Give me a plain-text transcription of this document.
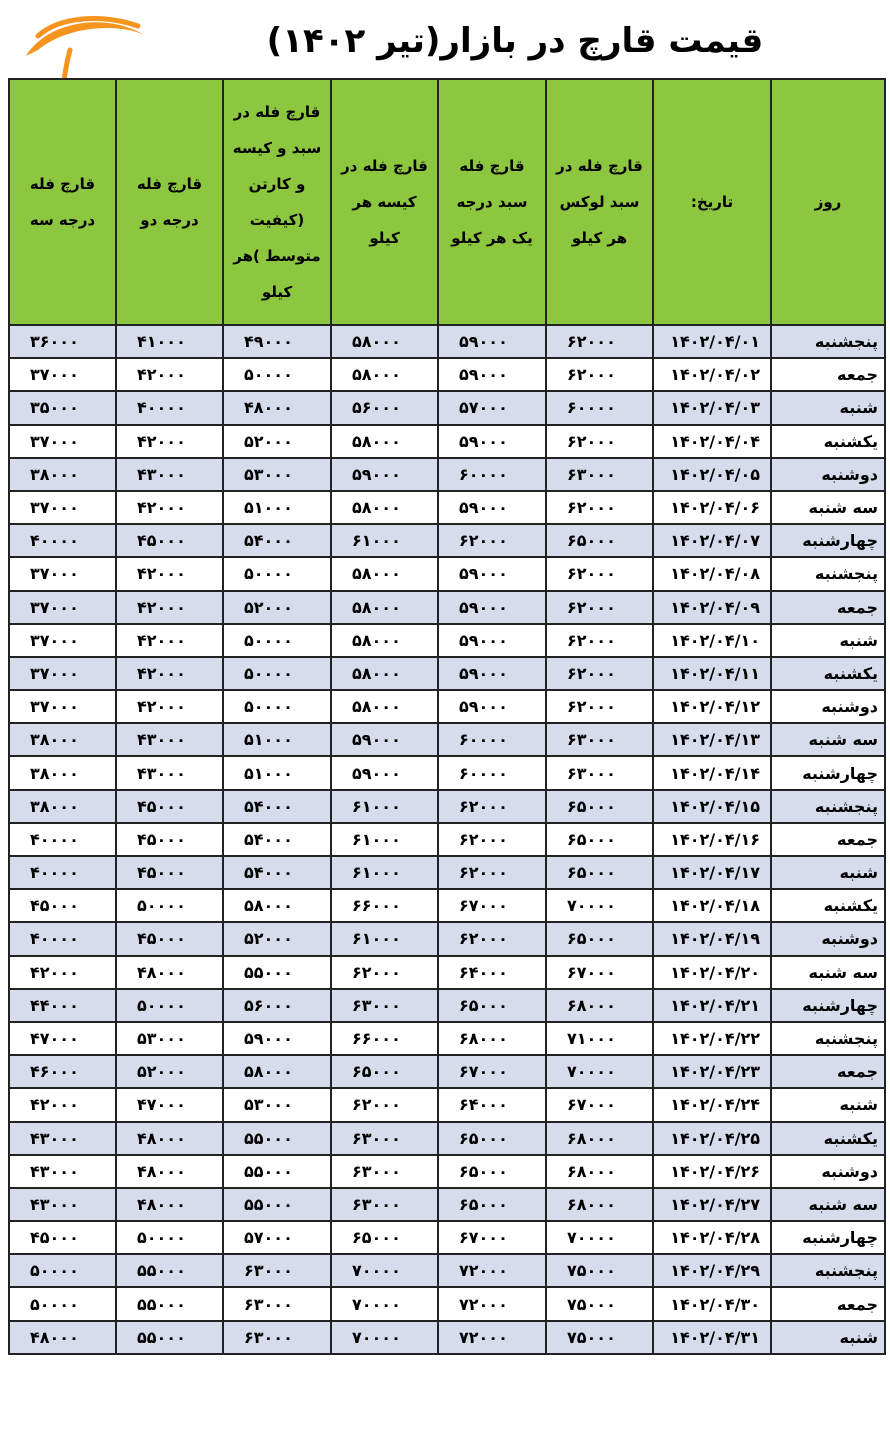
قیمت قارچ در بازار(تیر ۱۴۰۲)
روز	تاریخ:	قارچ فله در سبد لوکس هر کیلو	قارچ فله سبد درجه یک هر کیلو	قارچ فله در کیسه هر کیلو	قارچ فله در سبد و کیسه و کارتن (کیفیت متوسط )هر کیلو	قارچ فله درجه دو	قارچ فله درجه سه
پنجشنبه	۱۴۰۲/۰۴/۰۱	۶۲۰۰۰	۵۹۰۰۰	۵۸۰۰۰	۴۹۰۰۰	۴۱۰۰۰	۳۶۰۰۰
جمعه	۱۴۰۲/۰۴/۰۲	۶۲۰۰۰	۵۹۰۰۰	۵۸۰۰۰	۵۰۰۰۰	۴۲۰۰۰	۳۷۰۰۰
شنبه	۱۴۰۲/۰۴/۰۳	۶۰۰۰۰	۵۷۰۰۰	۵۶۰۰۰	۴۸۰۰۰	۴۰۰۰۰	۳۵۰۰۰
یکشنبه	۱۴۰۲/۰۴/۰۴	۶۲۰۰۰	۵۹۰۰۰	۵۸۰۰۰	۵۲۰۰۰	۴۲۰۰۰	۳۷۰۰۰
دوشنبه	۱۴۰۲/۰۴/۰۵	۶۳۰۰۰	۶۰۰۰۰	۵۹۰۰۰	۵۳۰۰۰	۴۳۰۰۰	۳۸۰۰۰
سه شنبه	۱۴۰۲/۰۴/۰۶	۶۲۰۰۰	۵۹۰۰۰	۵۸۰۰۰	۵۱۰۰۰	۴۲۰۰۰	۳۷۰۰۰
چهارشنبه	۱۴۰۲/۰۴/۰۷	۶۵۰۰۰	۶۲۰۰۰	۶۱۰۰۰	۵۴۰۰۰	۴۵۰۰۰	۴۰۰۰۰
پنجشنبه	۱۴۰۲/۰۴/۰۸	۶۲۰۰۰	۵۹۰۰۰	۵۸۰۰۰	۵۰۰۰۰	۴۲۰۰۰	۳۷۰۰۰
جمعه	۱۴۰۲/۰۴/۰۹	۶۲۰۰۰	۵۹۰۰۰	۵۸۰۰۰	۵۲۰۰۰	۴۲۰۰۰	۳۷۰۰۰
شنبه	۱۴۰۲/۰۴/۱۰	۶۲۰۰۰	۵۹۰۰۰	۵۸۰۰۰	۵۰۰۰۰	۴۲۰۰۰	۳۷۰۰۰
یکشنبه	۱۴۰۲/۰۴/۱۱	۶۲۰۰۰	۵۹۰۰۰	۵۸۰۰۰	۵۰۰۰۰	۴۲۰۰۰	۳۷۰۰۰
دوشنبه	۱۴۰۲/۰۴/۱۲	۶۲۰۰۰	۵۹۰۰۰	۵۸۰۰۰	۵۰۰۰۰	۴۲۰۰۰	۳۷۰۰۰
سه شنبه	۱۴۰۲/۰۴/۱۳	۶۳۰۰۰	۶۰۰۰۰	۵۹۰۰۰	۵۱۰۰۰	۴۳۰۰۰	۳۸۰۰۰
چهارشنبه	۱۴۰۲/۰۴/۱۴	۶۳۰۰۰	۶۰۰۰۰	۵۹۰۰۰	۵۱۰۰۰	۴۳۰۰۰	۳۸۰۰۰
پنجشنبه	۱۴۰۲/۰۴/۱۵	۶۵۰۰۰	۶۲۰۰۰	۶۱۰۰۰	۵۴۰۰۰	۴۵۰۰۰	۳۸۰۰۰
جمعه	۱۴۰۲/۰۴/۱۶	۶۵۰۰۰	۶۲۰۰۰	۶۱۰۰۰	۵۴۰۰۰	۴۵۰۰۰	۴۰۰۰۰
شنبه	۱۴۰۲/۰۴/۱۷	۶۵۰۰۰	۶۲۰۰۰	۶۱۰۰۰	۵۴۰۰۰	۴۵۰۰۰	۴۰۰۰۰
یکشنبه	۱۴۰۲/۰۴/۱۸	۷۰۰۰۰	۶۷۰۰۰	۶۶۰۰۰	۵۸۰۰۰	۵۰۰۰۰	۴۵۰۰۰
دوشنبه	۱۴۰۲/۰۴/۱۹	۶۵۰۰۰	۶۲۰۰۰	۶۱۰۰۰	۵۲۰۰۰	۴۵۰۰۰	۴۰۰۰۰
سه شنبه	۱۴۰۲/۰۴/۲۰	۶۷۰۰۰	۶۴۰۰۰	۶۲۰۰۰	۵۵۰۰۰	۴۸۰۰۰	۴۲۰۰۰
چهارشنبه	۱۴۰۲/۰۴/۲۱	۶۸۰۰۰	۶۵۰۰۰	۶۳۰۰۰	۵۶۰۰۰	۵۰۰۰۰	۴۴۰۰۰
پنجشنبه	۱۴۰۲/۰۴/۲۲	۷۱۰۰۰	۶۸۰۰۰	۶۶۰۰۰	۵۹۰۰۰	۵۳۰۰۰	۴۷۰۰۰
جمعه	۱۴۰۲/۰۴/۲۳	۷۰۰۰۰	۶۷۰۰۰	۶۵۰۰۰	۵۸۰۰۰	۵۲۰۰۰	۴۶۰۰۰
شنبه	۱۴۰۲/۰۴/۲۴	۶۷۰۰۰	۶۴۰۰۰	۶۲۰۰۰	۵۳۰۰۰	۴۷۰۰۰	۴۲۰۰۰
یکشنبه	۱۴۰۲/۰۴/۲۵	۶۸۰۰۰	۶۵۰۰۰	۶۳۰۰۰	۵۵۰۰۰	۴۸۰۰۰	۴۳۰۰۰
دوشنبه	۱۴۰۲/۰۴/۲۶	۶۸۰۰۰	۶۵۰۰۰	۶۳۰۰۰	۵۵۰۰۰	۴۸۰۰۰	۴۳۰۰۰
سه شنبه	۱۴۰۲/۰۴/۲۷	۶۸۰۰۰	۶۵۰۰۰	۶۳۰۰۰	۵۵۰۰۰	۴۸۰۰۰	۴۳۰۰۰
چهارشنبه	۱۴۰۲/۰۴/۲۸	۷۰۰۰۰	۶۷۰۰۰	۶۵۰۰۰	۵۷۰۰۰	۵۰۰۰۰	۴۵۰۰۰
پنجشنبه	۱۴۰۲/۰۴/۲۹	۷۵۰۰۰	۷۲۰۰۰	۷۰۰۰۰	۶۳۰۰۰	۵۵۰۰۰	۵۰۰۰۰
جمعه	۱۴۰۲/۰۴/۳۰	۷۵۰۰۰	۷۲۰۰۰	۷۰۰۰۰	۶۳۰۰۰	۵۵۰۰۰	۵۰۰۰۰
شنبه	۱۴۰۲/۰۴/۳۱	۷۵۰۰۰	۷۲۰۰۰	۷۰۰۰۰	۶۳۰۰۰	۵۵۰۰۰	۴۸۰۰۰
